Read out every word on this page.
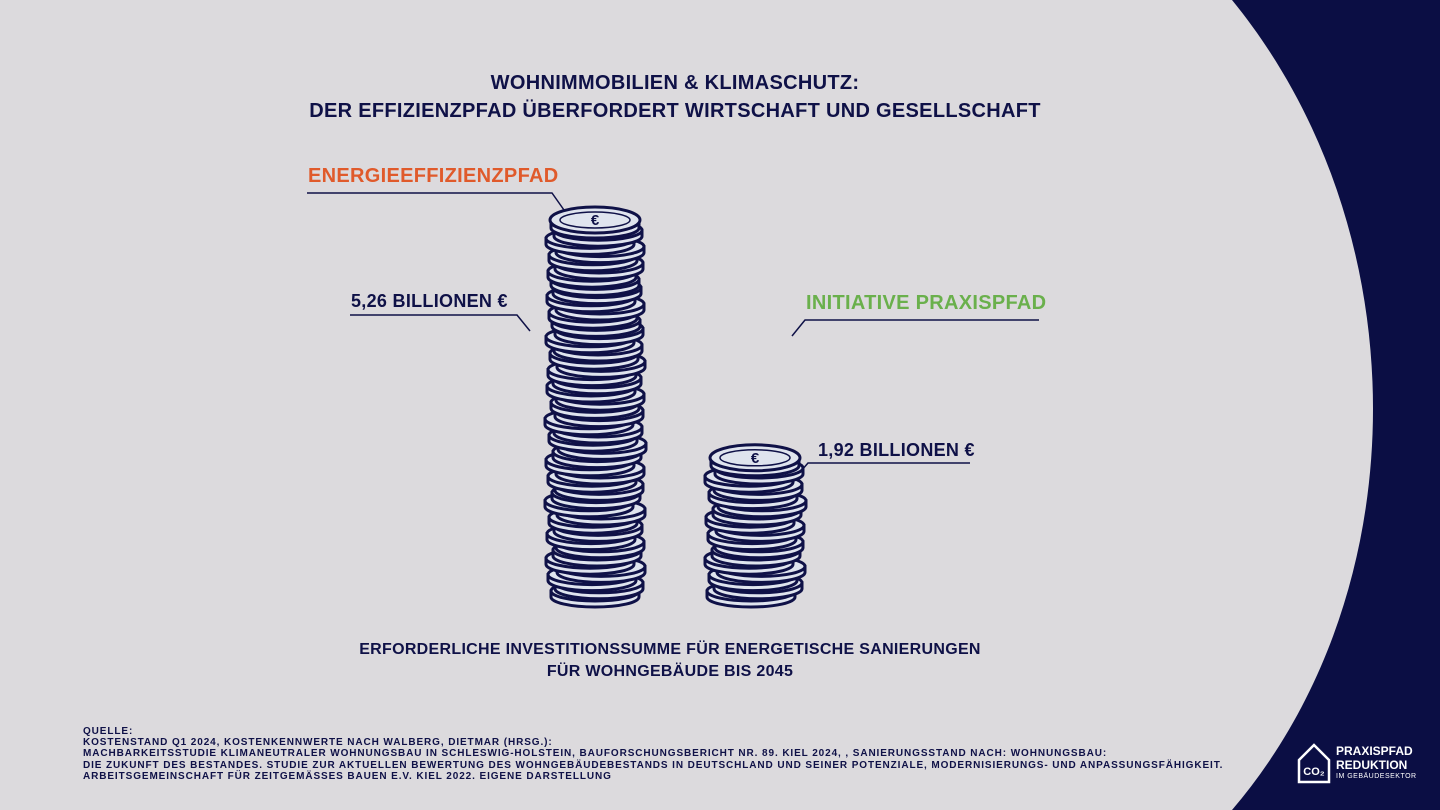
WOHNIMMOBILIEN & KLIMASCHUTZ:
DER EFFIZIENZPFAD ÜBERFORDERT WIRTSCHAFT UND GESELLSCHAFT
€
€
ENERGIEEFFIZIENZPFAD
5,26 BILLIONEN €	INITIATIVE PRAXISPFAD
1,92 BILLIONEN €
ERFORDERLICHE INVESTITIONSSUMME FÜR ENERGETISCHE SANIERUNGEN
FÜR WOHNGEBÄUDE BIS 2045
QUELLE:
KOSTENSTAND Q1 2024, KOSTENKENNWERTE NACH WALBERG, DIETMAR (HRSG.):
MACHBARKEITSSTUDIE KLIMANEUTRALER WOHNUNGSBAU IN SCHLESWIG-HOLSTEIN, BAUFORSCHUNGSBERICHT NR. 89. KIEL 2024, , SANIERUNGSSTAND NACH: WOHNUNGSBAU:
DIE ZUKUNFT DES BESTANDES. STUDIE ZUR AKTUELLEN BEWERTUNG DES WOHNGEBÄUDEBESTANDS IN DEUTSCHLAND UND SEINER POTENZIALE, MODERNISIERUNGS- UND ANPASSUNGSFÄHIGKEIT.
ARBEITSGEMEINSCHAFT FÜR ZEITGEMÄSSES BAUEN E.V. KIEL 2022. EIGENE DARSTELLUNG	CO₂
PRAXISPFAD
REDUKTION
IM GEBÄUDESEKTOR
